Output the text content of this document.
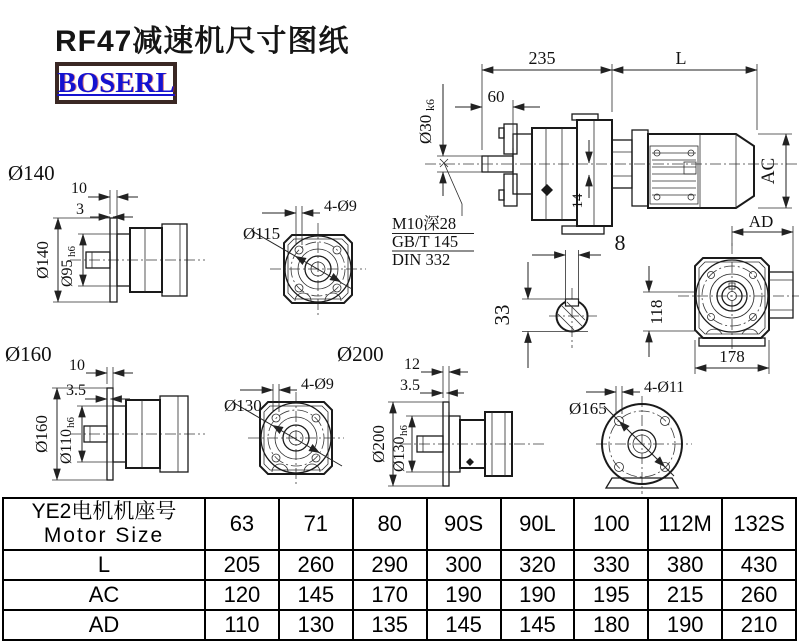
RF47减速机尺寸图纸
BOSERL
235	L
60
Ø30
k6
14
AC
AD
M10深28
GB/T 145
DIN 332
8
33	118
178
Ø140
10
3
Ø140 Ø95
h6
4-Ø9
Ø115
Ø160 10
3.5
Ø160 Ø110
h6
4-Ø9
Ø130
Ø200 12
3.5
Ø200 Ø130
h6
4-Ø11
Ø165
YE2电机机座号
Motor Size	63	71	80	90S	90L	100	112M	132S
L	205	260	290	300	320	330	380	430
AC	120	145	170	190	190	195	215	260
AD	110	130	135	145	145	180	190	210
